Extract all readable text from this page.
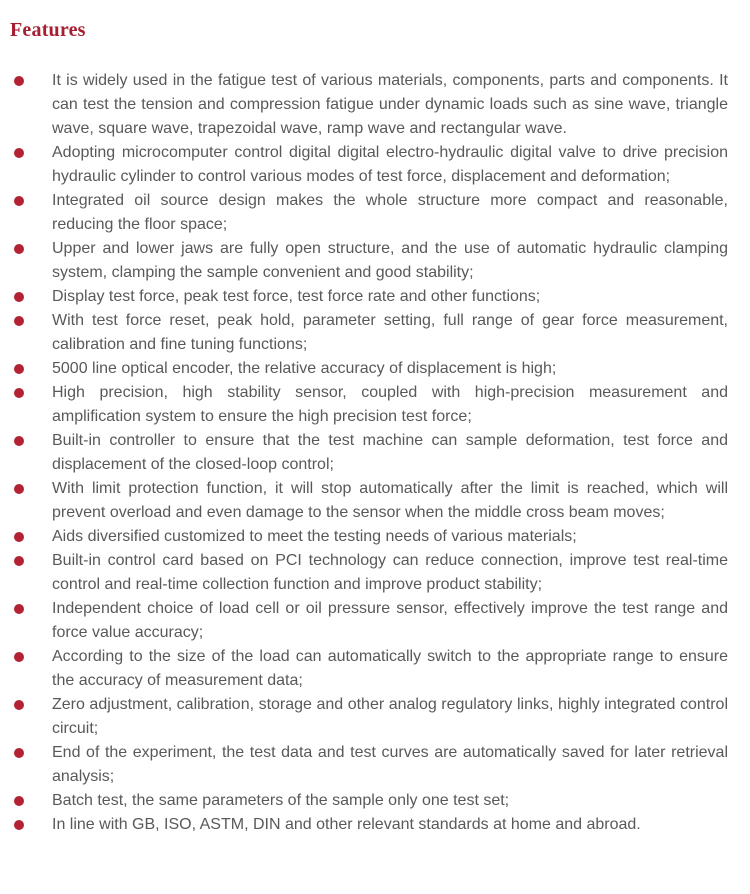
Features

It is widely used in the fatigue test of various materials, components, parts and components. It can test the tension and compression fatigue under dynamic loads such as sine wave, triangle wave, square wave, trapezoidal wave, ramp wave and rectangular wave.

Adopting microcomputer control digital digital electro-hydraulic digital valve to drive precision hydraulic cylinder to control various modes of test force, displacement and deformation;

Integrated oil source design makes the whole structure more compact and reasonable, reducing the floor space;

Upper and lower jaws are fully open structure, and the use of automatic hydraulic clamping system, clamping the sample convenient and good stability;

Display test force, peak test force, test force rate and other functions;

With test force reset, peak hold, parameter setting, full range of gear force measurement, calibration and fine tuning functions;

5000 line optical encoder, the relative accuracy of displacement is high;

High precision, high stability sensor, coupled with high-precision measurement and amplification system to ensure the high precision test force;

Built-in controller to ensure that the test machine can sample deformation, test force and displacement of the closed-loop control;

With limit protection function, it will stop automatically after the limit is reached, which will prevent overload and even damage to the sensor when the middle cross beam moves;

Aids diversified customized to meet the testing needs of various materials;

Built-in control card based on PCI technology can reduce connection, improve test real-time control and real-time collection function and improve product stability;

Independent choice of load cell or oil pressure sensor, effectively improve the test range and force value accuracy;

According to the size of the load can automatically switch to the appropriate range to ensure the accuracy of measurement data;

Zero adjustment, calibration, storage and other analog regulatory links, highly integrated control circuit;

End of the experiment, the test data and test curves are automatically saved for later retrieval analysis;

Batch test, the same parameters of the sample only one test set;

In line with GB, ISO, ASTM, DIN and other relevant standards at home and abroad.
